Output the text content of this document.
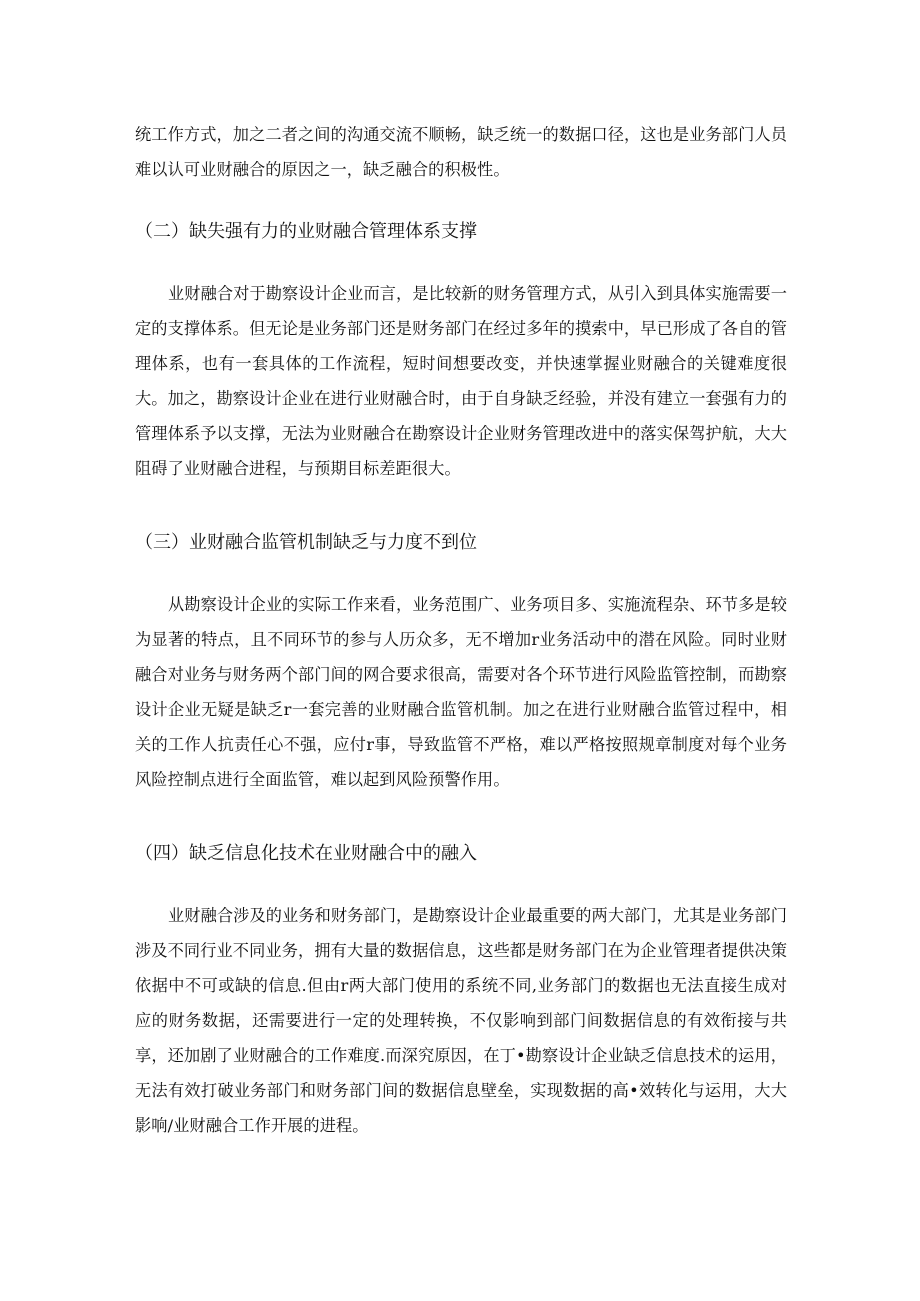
统工作方式，加之二者之间的沟通交流不顺畅，缺乏统一的数据口径，这也是业务部门人员难以认可业财融合的原因之一，缺乏融合的积极性。

（二）缺失强有力的业财融合管理体系支撑

业财融合对于勘察设计企业而言，是比较新的财务管理方式，从引入到具体实施需要一定的支撑体系。但无论是业务部门还是财务部门在经过多年的摸索中，早已形成了各自的管理体系，也有一套具体的工作流程，短时间想要改变，并快速掌握业财融合的关键难度很大。加之，勘察设计企业在进行业财融合时，由于自身缺乏经验，并没有建立一套强有力的管理体系予以支撑，无法为业财融合在勘察设计企业财务管理改进中的落实保驾护航，大大阻碍了业财融合进程，与预期目标差距很大。

（三）业财融合监管机制缺乏与力度不到位

从勘察设计企业的实际工作来看，业务范围广、业务项目多、实施流程杂、环节多是较为显著的特点，且不同环节的参与人历众多，无不增加r业务活动中的潜在风险。同时业财融合对业务与财务两个部门间的网合要求很高，需要对各个环节进行风险监管控制，而勘察设计企业无疑是缺乏r一套完善的业财融合监管机制。加之在进行业财融合监管过程中，相关的工作人抗责任心不强，应付r事，导致监管不严格，难以严格按照规章制度对每个业务风险控制点进行全面监管，难以起到风险预警作用。

（四）缺乏信息化技术在业财融合中的融入

业财融合涉及的业务和财务部门，是勘察设计企业最重要的两大部门，尤其是业务部门涉及不同行业不同业务，拥有大量的数据信息，这些都是财务部门在为企业管理者提供决策依据中不可或缺的信息.但由r两大部门使用的系统不同,业务部门的数据也无法直接生成对应的财务数据，还需要进行一定的处理转换，不仅影响到部门间数据信息的有效衔接与共享，还加剧了业财融合的工作难度.而深究原因，在丁•勘察设计企业缺乏信息技术的运用，无法有效打破业务部门和财务部门间的数据信息壁垒，实现数据的高•效转化与运用，大大影响/业财融合工作开展的进程。
